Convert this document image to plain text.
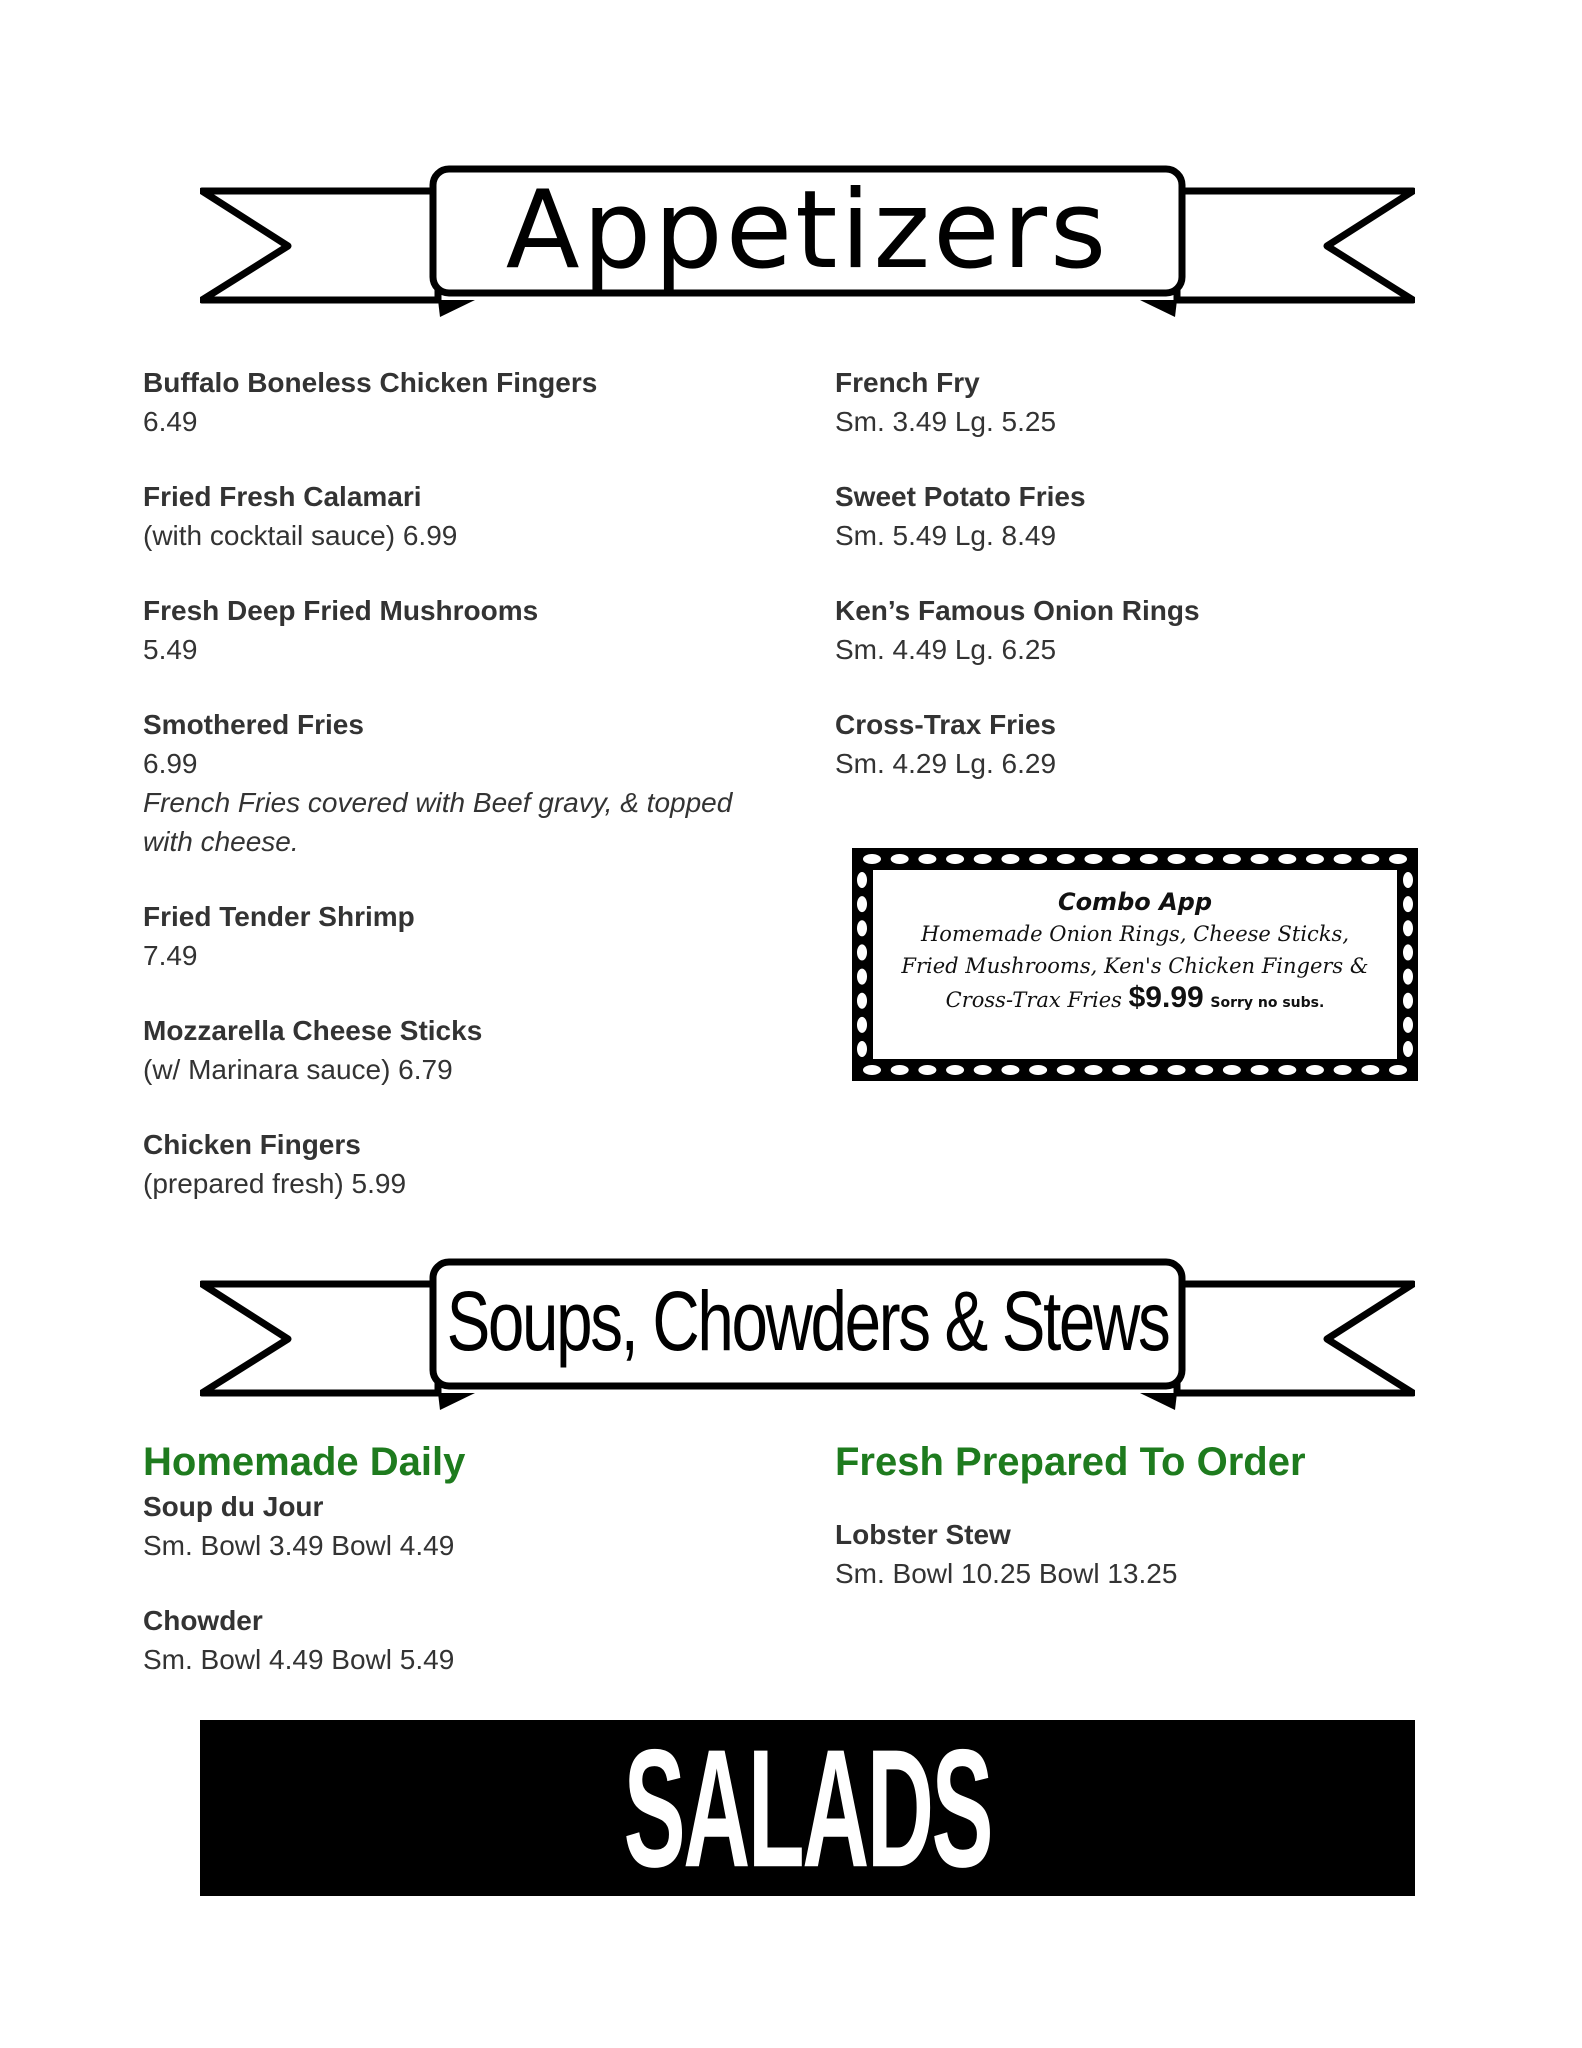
Appetizers
Buffalo Boneless Chicken Fingers
6.49
Fried Fresh Calamari
(with cocktail sauce) 6.99
Fresh Deep Fried Mushrooms
5.49
Smothered Fries
6.99
French Fries covered with Beef gravy, & topped with cheese.
Fried Tender Shrimp
7.49
Mozzarella Cheese Sticks
(w/ Marinara sauce) 6.79
Chicken Fingers
(prepared fresh) 5.99
French Fry
Sm. 3.49 Lg. 5.25
Sweet Potato Fries
Sm. 5.49 Lg. 8.49
Ken’s Famous Onion Rings
Sm. 4.49 Lg. 6.25
Cross-Trax Fries
Sm. 4.29 Lg. 6.29
Combo App
Homemade Onion Rings, Cheese Sticks,
Fried Mushrooms, Ken's Chicken Fingers &
Cross-Trax Fries $9.99 Sorry no subs.
Soups, Chowders & Stews
Homemade Daily
Soup du Jour
Sm. Bowl 3.49 Bowl 4.49
Chowder
Sm. Bowl 4.49 Bowl 5.49
Fresh Prepared To Order
Lobster Stew
Sm. Bowl 10.25 Bowl 13.25
SALADS
